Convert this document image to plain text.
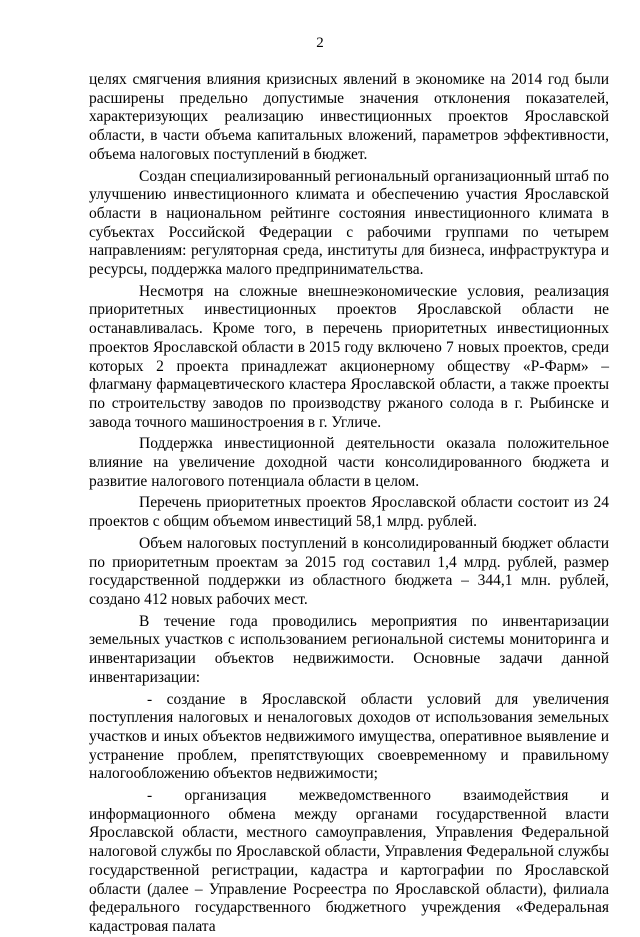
2

целях смягчения влияния кризисных явлений в экономике на 2014 год были расширены предельно допустимые значения отклонения показателей, характеризующих реализацию инвестиционных проектов Ярославской области, в части объема капитальных вложений, параметров эффективности, объема налоговых поступлений в бюджет.

Создан специализированный региональный организационный штаб по улучшению инвестиционного климата и обеспечению участия Ярославской области в национальном рейтинге состояния инвестиционного климата в субъектах Российской Федерации с рабочими группами по четырем направлениям: регуляторная среда, институты для бизнеса, инфраструктура и ресурсы, поддержка малого предпринимательства.

Несмотря на сложные внешнеэкономические условия, реализация приоритетных инвестиционных проектов Ярославской области не останавливалась. Кроме того, в перечень приоритетных инвестиционных проектов Ярославской области в 2015 году включено 7 новых проектов, среди которых 2 проекта принадлежат акционерному обществу «Р-Фарм» – флагману фармацевтического кластера Ярославской области, а также проекты по строительству заводов по производству ржаного солода в г. Рыбинске и завода точного машиностроения в г. Угличе.

Поддержка инвестиционной деятельности оказала положительное влияние на увеличение доходной части консолидированного бюджета и развитие налогового потенциала области в целом.

Перечень приоритетных проектов Ярославской области состоит из 24 проектов с общим объемом инвестиций 58,1 млрд. рублей.

Объем налоговых поступлений в консолидированный бюджет области по приоритетным проектам за 2015 год составил 1,4 млрд. рублей, размер государственной поддержки из областного бюджета – 344,1 млн. рублей, создано 412 новых рабочих мест.

В течение года проводились мероприятия по инвентаризации земельных участков с использованием региональной системы мониторинга и инвентаризации объектов недвижимости. Основные задачи данной инвентаризации:

- создание в Ярославской области условий для увеличения поступления налоговых и неналоговых доходов от использования земельных участков и иных объектов недвижимого имущества, оперативное выявление и устранение проблем, препятствующих своевременному и правильному налогообложению объектов недвижимости;

- организация межведомственного взаимодействия и информационного обмена между органами государственной власти Ярославской области, местного самоуправления, Управления Федеральной налоговой службы по Ярославской области, Управления Федеральной службы государственной регистрации, кадастра и картографии по Ярославской области (далее – Управление Росреестра по Ярославской области), филиала федерального государственного бюджетного учреждения «Федеральная кадастровая палата
